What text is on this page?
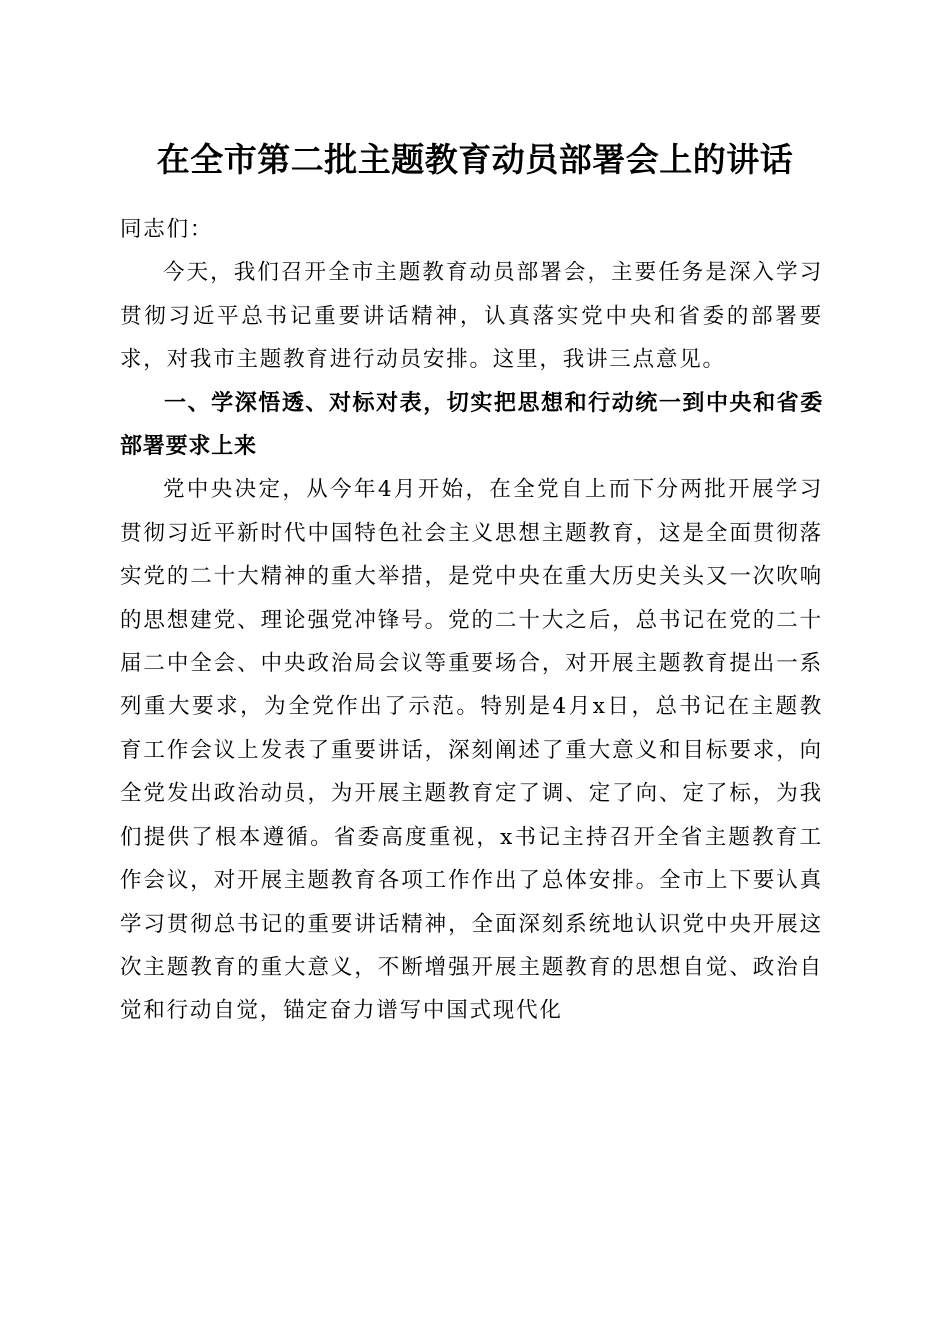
在全市第二批主题教育动员部署会上的讲话

同志们：

今天，我们召开全市主题教育动员部署会，主要任务是深入学习贯彻习近平总书记重要讲话精神，认真落实党中央和省委的部署要求，对我市主题教育进行动员安排。这里，我讲三点意见。

一、学深悟透、对标对表，切实把思想和行动统一到中央和省委部署要求上来

党中央决定，从今年4月开始，在全党自上而下分两批开展学习贯彻习近平新时代中国特色社会主义思想主题教育，这是全面贯彻落实党的二十大精神的重大举措，是党中央在重大历史关头又一次吹响的思想建党、理论强党冲锋号。党的二十大之后，总书记在党的二十届二中全会、中央政治局会议等重要场合，对开展主题教育提出一系列重大要求，为全党作出了示范。特别是4月x日，总书记在主题教育工作会议上发表了重要讲话，深刻阐述了重大意义和目标要求，向全党发出政治动员，为开展主题教育定了调、定了向、定了标，为我们提供了根本遵循。省委高度重视，x书记主持召开全省主题教育工作会议，对开展主题教育各项工作作出了总体安排。全市上下要认真学习贯彻总书记的重要讲话精神，全面深刻系统地认识党中央开展这次主题教育的重大意义，不断增强开展主题教育的思想自觉、政治自觉和行动自觉，锚定奋力谱写中国式现代化
